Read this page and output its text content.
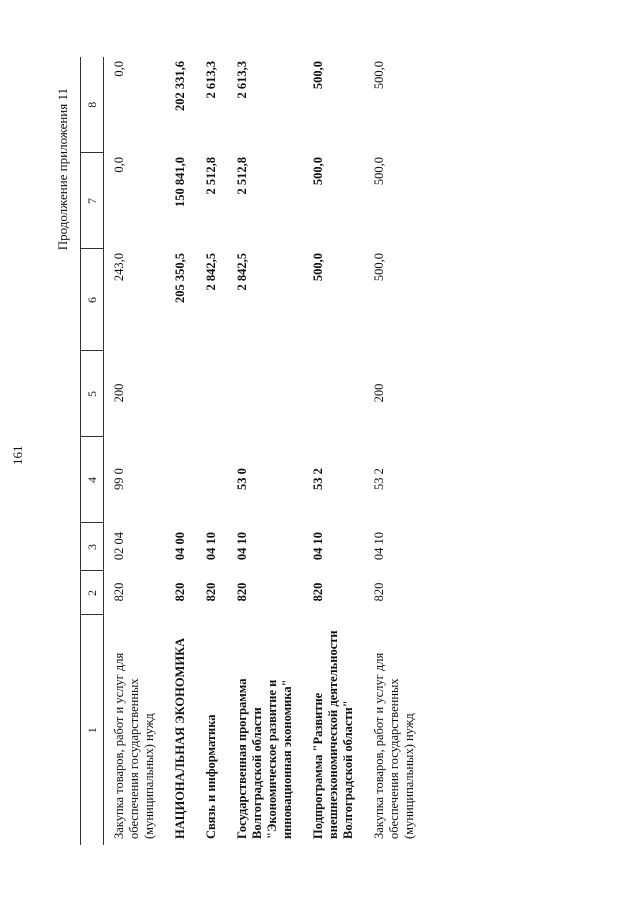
161
Продолжение приложения 11
1	2	3	4	5	6	7	8
Закупка товаров, работ и услуг для обеспечения государственных (муниципальных) нужд	820	02 04	99 0	200	243,0	0,0	0,0
НАЦИОНАЛЬНАЯ ЭКОНОМИКА	820	04 00			205 350,5	150 841,0	202 331,6
Связь и информатика	820	04 10			2 842,5	2 512,8	2 613,3
Государственная программа Волгоградской области "Экономическое развитие и инновационная экономика"	820	04 10	53 0		2 842,5	2 512,8	2 613,3
Подпрограмма "Развитие внешнеэкономической деятельности Волгоградской области"	820	04 10	53 2		500,0	500,0	500,0
Закупка товаров, работ и услуг для обеспечения государственных (муниципальных) нужд	820	04 10	53 2	200	500,0	500,0	500,0
